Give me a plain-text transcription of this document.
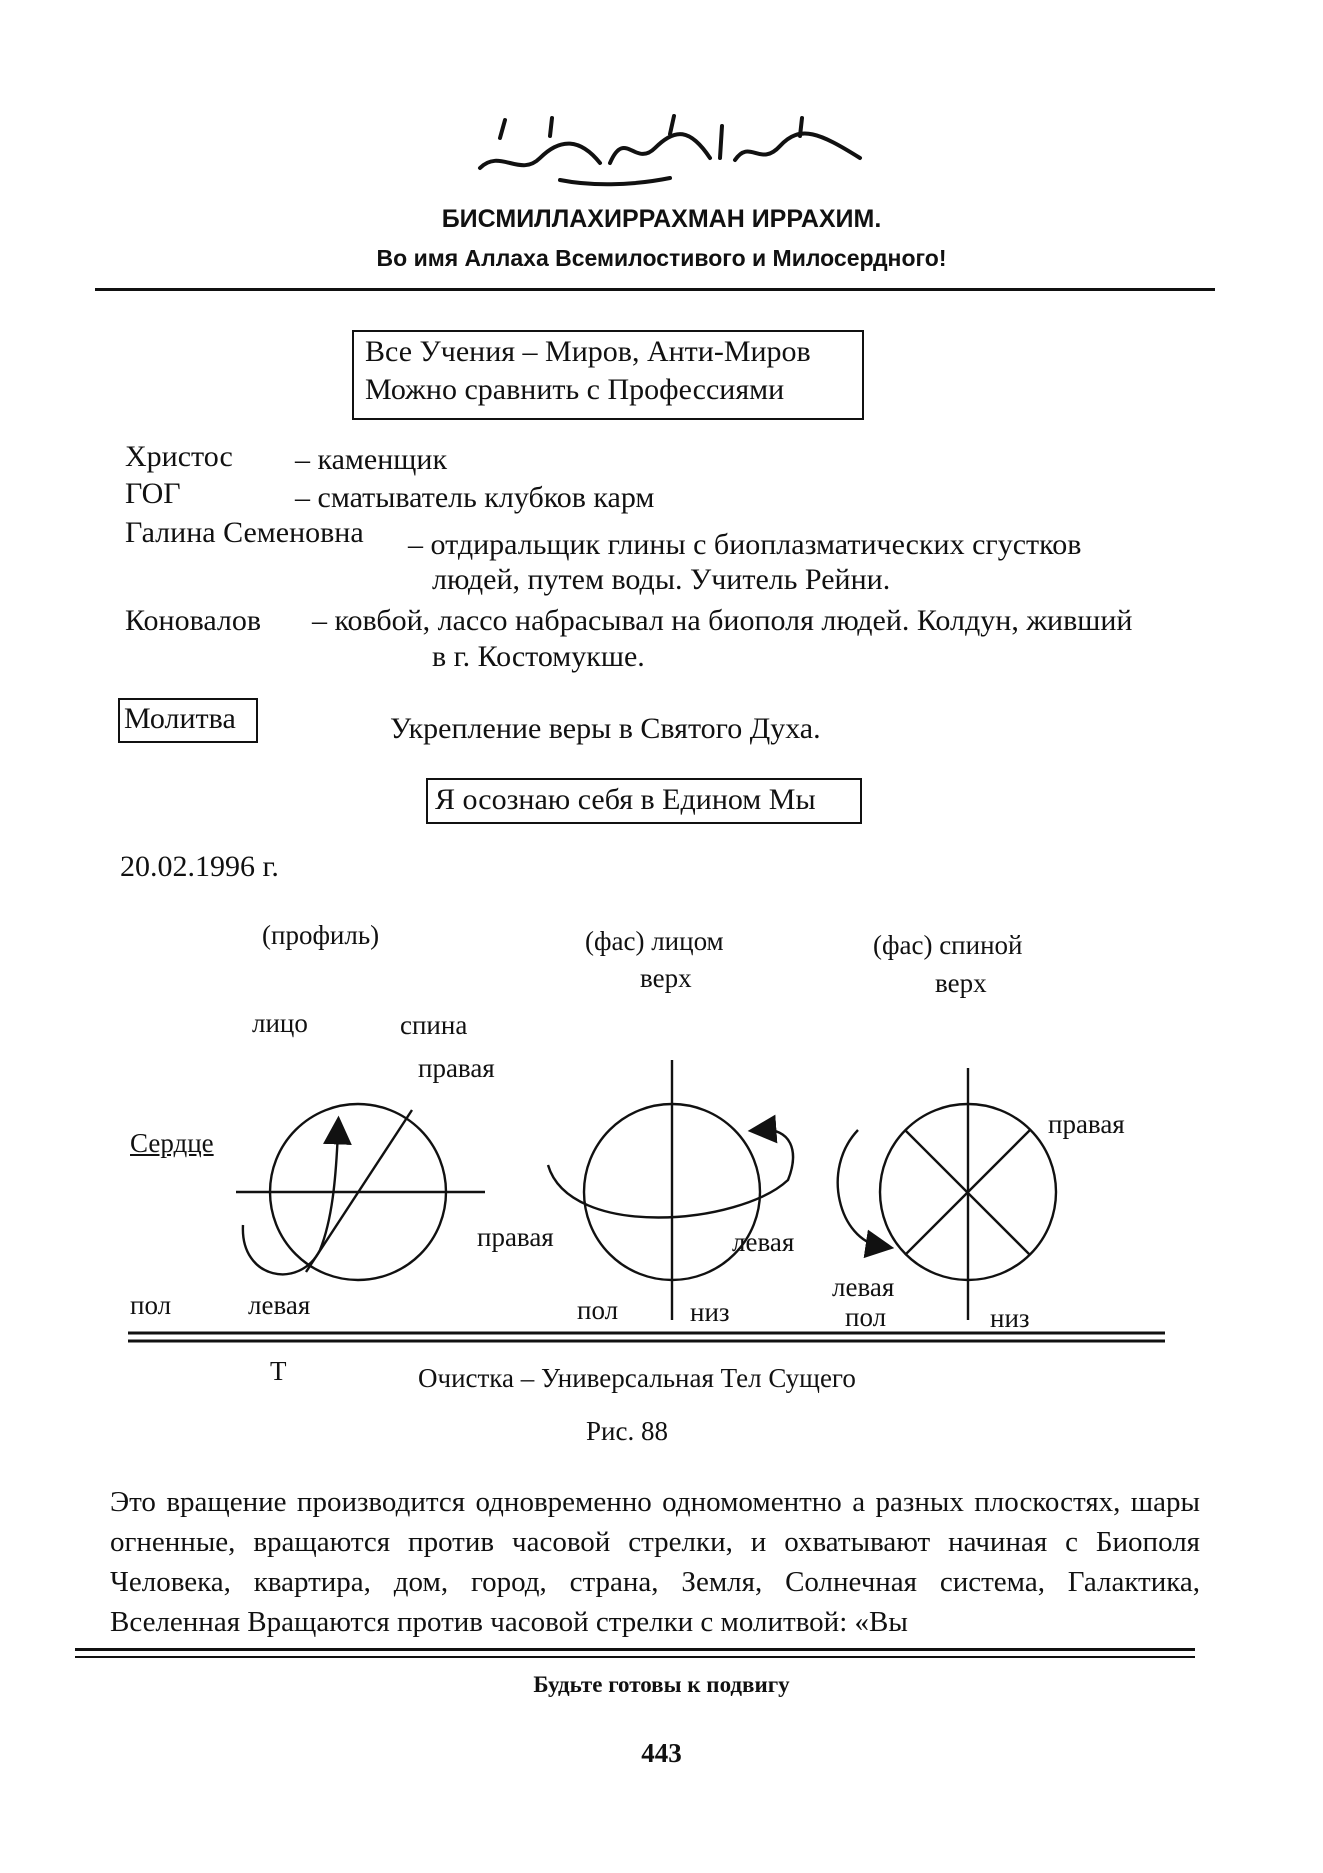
БИСМИЛЛАХИРРАХМАН ИРРАХИМ.
Во имя Аллаха Всемилостивого и Милосердного!
Все Учения – Миров, Анти-Миров
Можно сравнить с Профессиями
Христос – каменщик
ГОГ	– сматыватель клубков карм
Галина Семеновна – отдиральщик глины с биоплазматических сгустков
людей, путем воды. Учитель Рейни.
Коновалов – ковбой, лассо набрасывал на биополя людей. Колдун, живший
в г. Костомукше.
Молитва	Укрепление веры в Святого Духа.
Я осознаю себя в Едином Мы
20.02.1996 г.
(профиль)	(фас) лицом	(фас) спиной
верх	верх
лицо	спина
правая
правая
Сердце
правая	левая
левая
пол	левая	пол	низ	пол	низ
Т	Очистка – Универсальная Тел Сущего
Рис. 88
Это вращение производится одновременно одномоментно а разных плоскостях, шары огненные, вращаются против часовой стрелки, и охватывают начиная с Биополя Человека, квартира, дом, город, страна, Земля, Солнечная система, Галактика, Вселенная Вращаются против часовой стрелки с молитвой: «Вы
Будьте готовы к подвигу
443
